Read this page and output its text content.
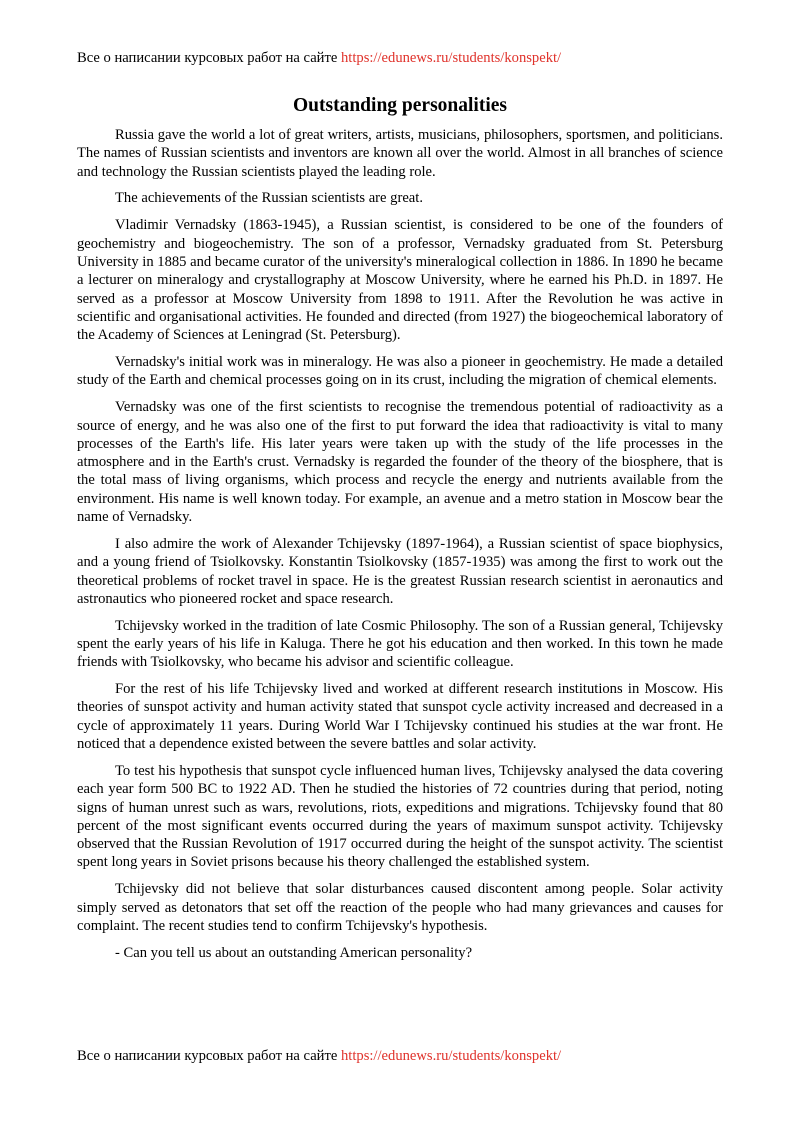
Все о написании курсовых работ на сайте https://edunews.ru/students/konspekt/
Outstanding personalities

Russia gave the world a lot of great writers, artists, musicians, philosophers, sportsmen, and politicians. The names of Russian scientists and inventors are known all over the world. Almost in all branches of science and technology the Russian scientists played the leading role.

The achievements of the Russian scientists are great.

Vladimir Vernadsky (1863-1945), a Russian scientist, is considered to be one of the founders of geochemistry and biogeochemistry. The son of a professor, Vernadsky graduated from St. Petersburg University in 1885 and became curator of the university's mineralogical collection in 1886. In 1890 he became a lecturer on mineralogy and crystallography at Moscow University, where he earned his Ph.D. in 1897. He served as a professor at Moscow University from 1898 to 1911. After the Revolution he was active in scientific and organisational activities. He founded and directed (from 1927) the biogeochemical laboratory of the Academy of Sciences at Leningrad (St. Petersburg).

Vernadsky's initial work was in mineralogy. He was also a pioneer in geochemistry. He made a detailed study of the Earth and chemical processes going on in its crust, including the migration of chemical elements.

Vernadsky was one of the first scientists to recognise the tremendous potential of radioactivity as a source of energy, and he was also one of the first to put forward the idea that radioactivity is vital to many processes of the Earth's life. His later years were taken up with the study of the life processes in the atmosphere and in the Earth's crust. Vernadsky is regarded the founder of the theory of the biosphere, that is the total mass of living organisms, which process and recycle the energy and nutrients available from the environment. His name is well known today. For example, an avenue and a metro station in Moscow bear the name of Vernadsky.

I also admire the work of Alexander Tchijevsky (1897-1964), a Russian scientist of space biophysics, and a young friend of Tsiolkovsky. Konstantin Tsiolkovsky (1857-1935) was among the first to work out the theoretical problems of rocket travel in space. He is the greatest Russian research scientist in aeronautics and astronautics who pioneered rocket and space research.

Tchijevsky worked in the tradition of late Cosmic Philosophy. The son of a Russian general, Tchijevsky spent the early years of his life in Kaluga. There he got his education and then worked. In this town he made friends with Tsiolkovsky, who became his advisor and scientific colleague.

For the rest of his life Tchijevsky lived and worked at different research institutions in Moscow. His theories of sunspot activity and human activity stated that sunspot cycle activity increased and decreased in a cycle of approximately 11 years. During World War I Tchijevsky continued his studies at the war front. He noticed that a dependence existed between the severe battles and solar activity.

To test his hypothesis that sunspot cycle influenced human lives, Tchijevsky analysed the data covering each year form 500 BC to 1922 AD. Then he studied the histories of 72 countries during that period, noting signs of human unrest such as wars, revolutions, riots, expeditions and migrations. Tchijevsky found that 80 percent of the most significant events occurred during the years of maximum sunspot activity. Tchijevsky observed that the Russian Revolution of 1917 occurred during the height of the sunspot activity. The scientist spent long years in Soviet prisons because his theory challenged the established system.

Tchijevsky did not believe that solar disturbances caused discontent among people. Solar activity simply served as detonators that set off the reaction of the people who had many grievances and causes for complaint. The recent studies tend to confirm Tchijevsky's hypothesis.

- Can you tell us about an outstanding American personality?

Все о написании курсовых работ на сайте https://edunews.ru/students/konspekt/
